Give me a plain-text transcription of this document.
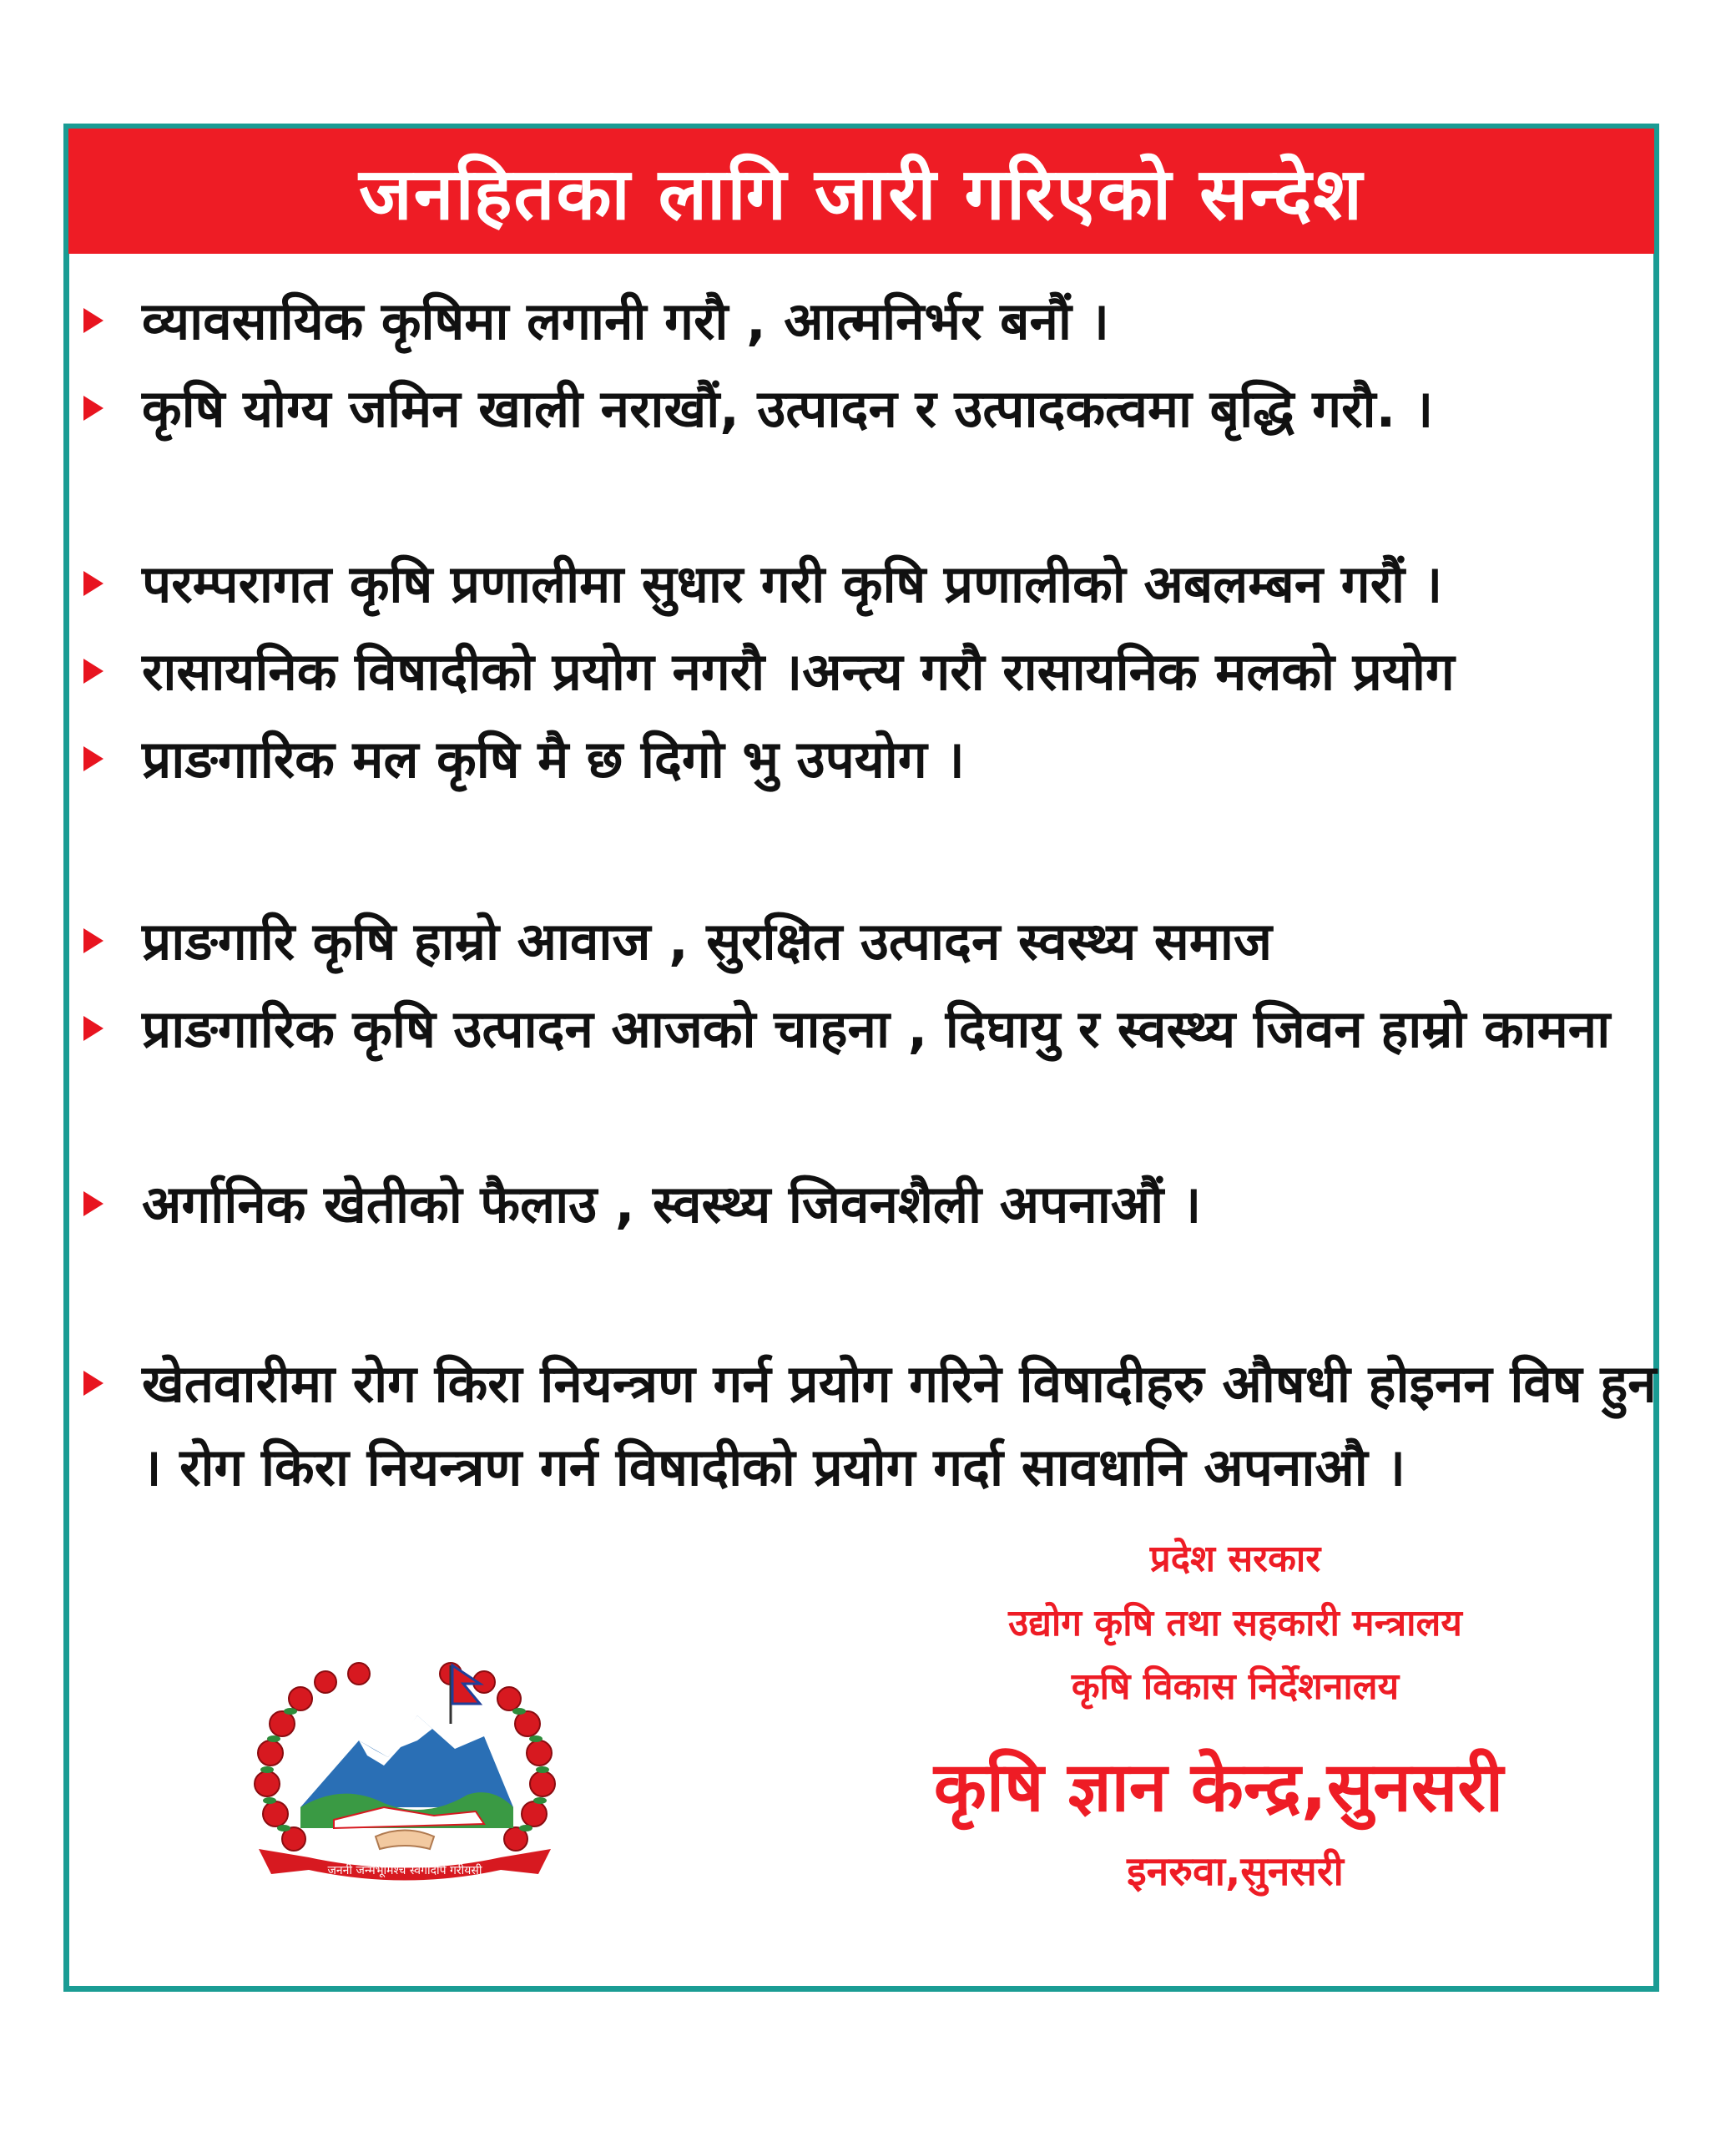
जनहितका लागि जारी गरिएको सन्देश
व्यावसायिक कृषिमा लगानी गरौ , आत्मनिर्भर बनौं ।
कृषि योग्य जमिन खाली नराखौं, उत्पादन र उत्पादकत्वमा बृद्धि गरौ. ।
परम्परागत कृषि प्रणालीमा सुधार गरी कृषि प्रणालीको अबलम्बन गरौं ।
रासायनिक विषादीको प्रयोग नगरौ ।अन्त्य गरौ रासायनिक मलको प्रयोग
प्राङगारिक मल कृषि मै छ दिगो भु उपयोग ।
प्राङगारि कृषि हाम्रो आवाज , सुरक्षित उत्पादन स्वस्थ्य समाज
प्राङगारिक कृषि उत्पादन आजको चाहना , दिघायु र स्वस्थ्य जिवन हाम्रो कामना
अर्गानिक खेतीको फैलाउ , स्वस्थ्य जिवनशैली अपनाऔं ।
खेतवारीमा रोग किरा नियन्त्रण गर्न प्रयोग गरिने विषादीहरु औषधी होइनन विष हुन । रोग किरा नियन्त्रण गर्न विषादीको प्रयोग गर्दा सावधानि अपनाऔ ।
प्रदेश सरकार
उद्योग कृषि तथा सहकारी मन्त्रालय
कृषि विकास निर्देशनालय
कृषि ज्ञान केन्द्र,सुनसरी
इनरुवा,सुनसरी
जननी जन्मभूमिश्च स्वर्गादपि गरीयसी
